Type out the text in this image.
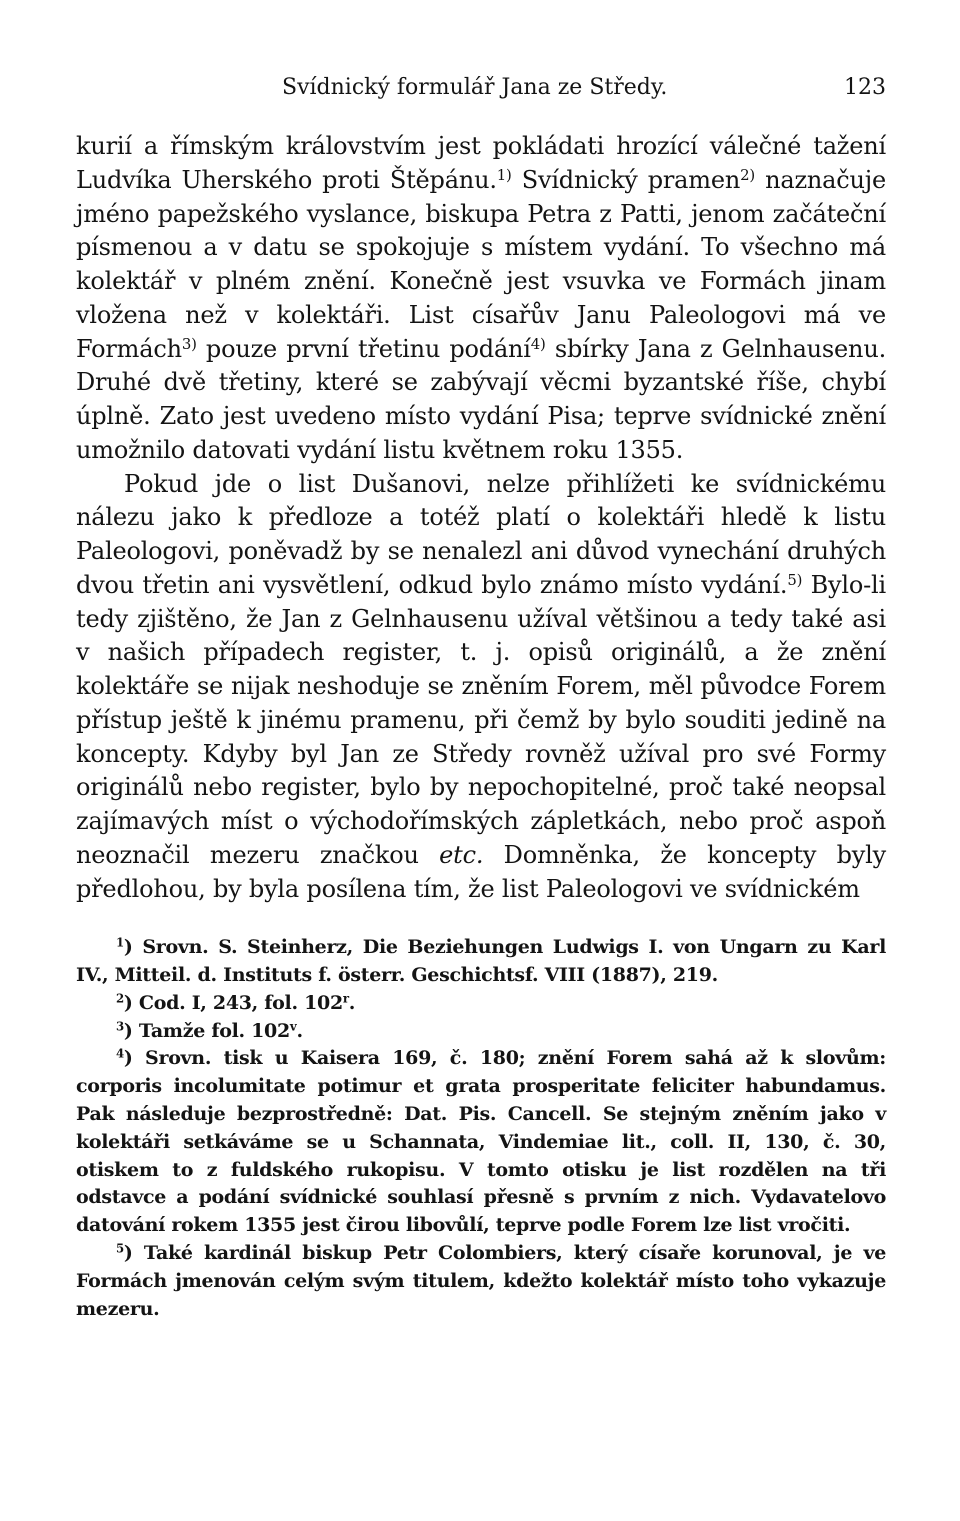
Svídnický formulář Jana ze Středy.	123

kurií a římským královstvím jest pokládati hrozící válečné tažení Ludvíka Uherského proti Štěpánu.$^{1)}$ Svídnický pramen$^{2)}$ naznačuje jméno papežského vyslance, biskupa Petra z Patti, jenom začáteční písmenou a v datu se spokojuje s místem vydání. To všechno má kolektář v plném znění. Konečně jest vsuvka ve Formách jinam vložena než v kolektáři. List císařův Janu Paleologovi má ve Formách$^{3)}$ pouze první třetinu podání$^{4)}$ sbírky Jana z Gelnhausenu. Druhé dvě třetiny, které se zabývají věcmi byzantské říše, chybí úplně. Zato jest uvedeno místo vydání Pisa; teprve svídnické znění umožnilo datovati vydání listu květnem roku 1355.

Pokud jde o list Dušanovi, nelze přihlížeti ke svídnickému nálezu jako k předloze a totéž platí o kolektáři hledě k listu Paleologovi, poněvadž by se nenalezl ani důvod vynechání druhých dvou třetin ani vysvětlení, odkud bylo známo místo vydání.$^{5)}$ Bylo-li tedy zjištěno, že Jan z Gelnhausenu užíval většinou a tedy také asi v našich případech register, t. j. opisů originálů, a že znění kolektáře se nijak neshoduje se zněním Forem, měl původce Forem přístup ještě k jinému pramenu, při čemž by bylo souditi jedině na koncepty. Kdyby byl Jan ze Středy rovněž užíval pro své Formy originálů nebo register, bylo by nepochopitelné, proč také neopsal zajímavých míst o východořímských zápletkách, nebo proč aspoň neoznačil mezeru značkou etc. Domněnka, že koncepty byly předlohou, by byla posílena tím, že list Paleologovi ve svídnickém

$^1$) Srovn. S. Steinherz, Die Beziehungen Ludwigs I. von Ungarn zu Karl IV., Mitteil. d. Instituts f. österr. Geschichtsf. VIII (1887), 219.

$^2$) Cod. I, 243, fol. 102$^r$.

$^3$) Tamže fol. 102$^v$.

$^4$) Srovn. tisk u Kaisera 169, č. 180; znění Forem sahá až k slovům: corporis incolumitate potimur et grata prosperitate feliciter habundamus. Pak následuje bezprostředně: Dat. Pis. Cancell. Se stejným zněním jako v kolektáři setkáváme se u Schannata, Vindemiae lit., coll. II, 130, č. 30, otiskem to z fuldského rukopisu. V tomto otisku je list rozdělen na tři odstavce a podání svídnické souhlasí přesně s prvním z nich. Vydavatelovo datování rokem 1355 jest čirou libovůlí, teprve podle Forem lze list vročiti.

$^5$) Také kardinál biskup Petr Colombiers, který císaře korunoval, je ve Formách jmenován celým svým titulem, kdežto kolektář místo toho vykazuje mezeru.
